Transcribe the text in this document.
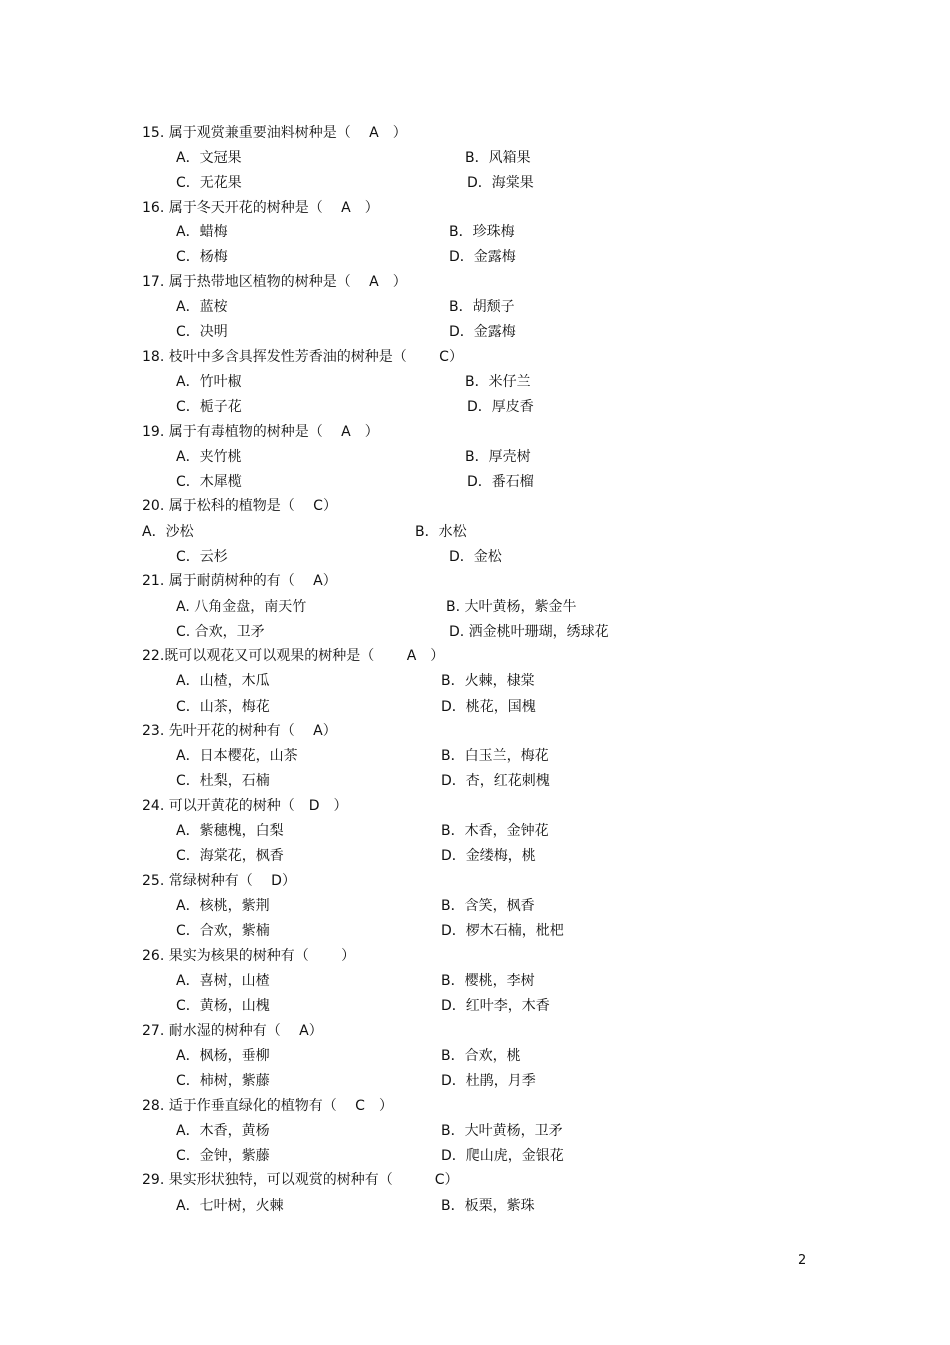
15. 属于观赏兼重要油料树种是（　 A　）
A．文冠果	B．风箱果
C．无花果	D．海棠果
16. 属于冬天开花的树种是（　 A　）
A．蜡梅	B．珍珠梅
C．杨梅	D．金露梅
17. 属于热带地区植物的树种是（　 A　）
A．蓝桉	B．胡颓子
C．决明	D．金露梅
18. 枝叶中多含具挥发性芳香油的树种是（　　 C）
A．竹叶椒	B．米仔兰
C．栀子花	D．厚皮香
19. 属于有毒植物的树种是（　 A　）
A．夹竹桃	B．厚壳树
C．木犀榄	D．番石榴
20. 属于松科的植物是（　 C）
A．沙松	B．水松
C．云杉	D．金松
21. 属于耐荫树种的有（　 A）
A. 八角金盘，南天竹	B. 大叶黄杨，紫金牛
C. 合欢，卫矛	D. 洒金桃叶珊瑚，绣球花
22.既可以观花又可以观果的树种是（　　 A　）
A．山楂，木瓜	B．火棘，棣棠
C．山茶，梅花	D．桃花，国槐
23. 先叶开花的树种有（　 A）
A．日本樱花，山茶	B．白玉兰，梅花
C．杜梨，石楠	D．杏，红花刺槐
24. 可以开黄花的树种（　D　）
A．紫穗槐，白梨	B．木香，金钟花
C．海棠花，枫香	D．金缕梅，桃
25. 常绿树种有（　 D）
A．核桃，紫荆	B．含笑，枫香
C．合欢，紫楠	D．椤木石楠，枇杷
26. 果实为核果的树种有（　　 ）
A．喜树，山楂	B．樱桃，李树
C．黄杨，山槐	D．红叶李，木香
27. 耐水湿的树种有（　 A）
A．枫杨，垂柳	B．合欢，桃
C．柿树，紫藤	D．杜鹃，月季
28. 适于作垂直绿化的植物有（　 C　）
A．木香，黄杨	B．大叶黄杨，卫矛
C．金钟，紫藤	D．爬山虎，金银花
29. 果实形状独特，可以观赏的树种有（　　　C）
A．七叶树，火棘	B．板栗，紫珠
2
